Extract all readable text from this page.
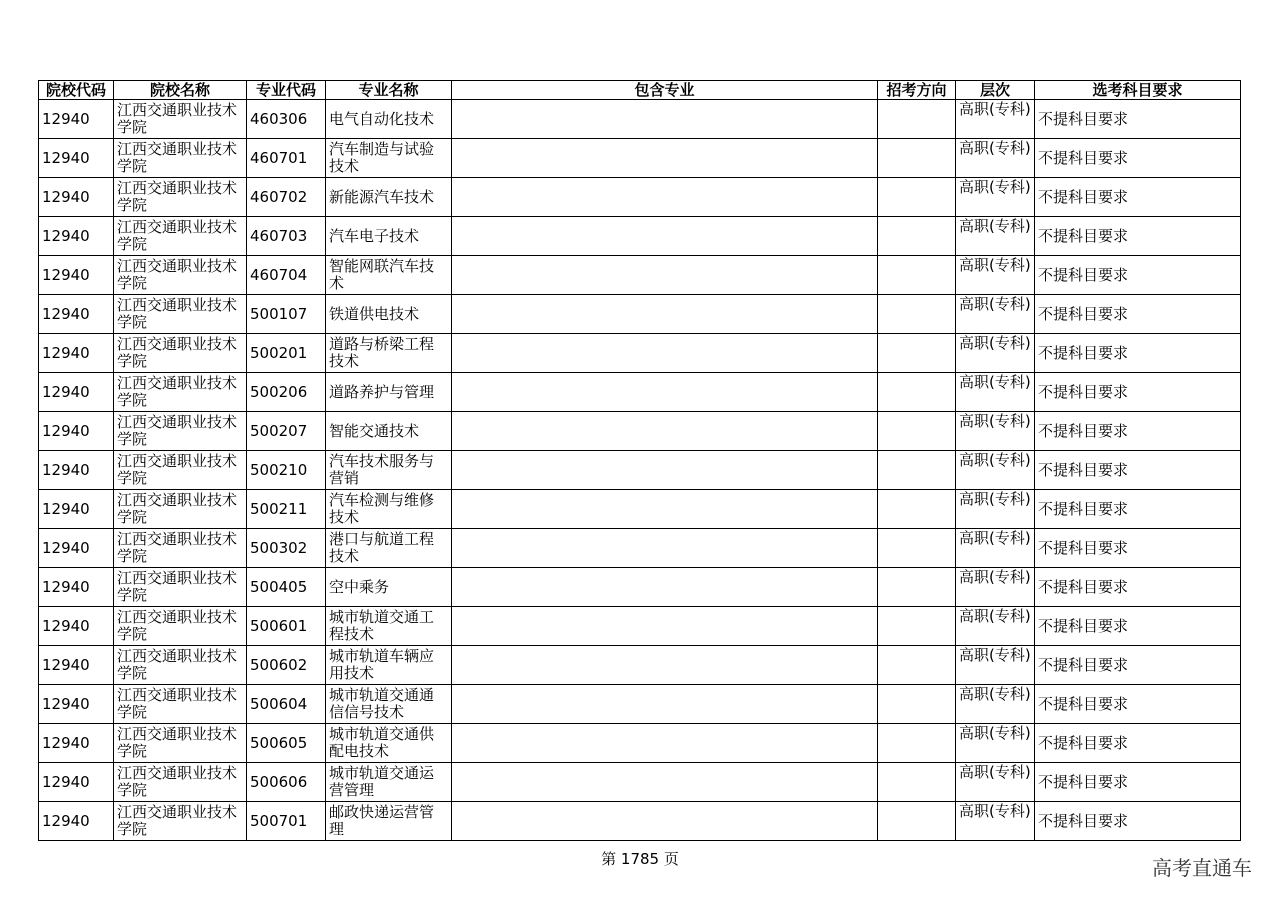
院校代码	院校名称	专业代码	专业名称	包含专业	招考方向	层次	选考科目要求
12940	江西交通职业技术学院	460306	电气自动化技术			高职(专科)	不提科目要求
12940	江西交通职业技术学院	460701	汽车制造与试验技术			高职(专科)	不提科目要求
12940	江西交通职业技术学院	460702	新能源汽车技术			高职(专科)	不提科目要求
12940	江西交通职业技术学院	460703	汽车电子技术			高职(专科)	不提科目要求
12940	江西交通职业技术学院	460704	智能网联汽车技术			高职(专科)	不提科目要求
12940	江西交通职业技术学院	500107	铁道供电技术			高职(专科)	不提科目要求
12940	江西交通职业技术学院	500201	道路与桥梁工程技术			高职(专科)	不提科目要求
12940	江西交通职业技术学院	500206	道路养护与管理			高职(专科)	不提科目要求
12940	江西交通职业技术学院	500207	智能交通技术			高职(专科)	不提科目要求
12940	江西交通职业技术学院	500210	汽车技术服务与营销			高职(专科)	不提科目要求
12940	江西交通职业技术学院	500211	汽车检测与维修技术			高职(专科)	不提科目要求
12940	江西交通职业技术学院	500302	港口与航道工程技术			高职(专科)	不提科目要求
12940	江西交通职业技术学院	500405	空中乘务			高职(专科)	不提科目要求
12940	江西交通职业技术学院	500601	城市轨道交通工程技术			高职(专科)	不提科目要求
12940	江西交通职业技术学院	500602	城市轨道车辆应用技术			高职(专科)	不提科目要求
12940	江西交通职业技术学院	500604	城市轨道交通通信信号技术			高职(专科)	不提科目要求
12940	江西交通职业技术学院	500605	城市轨道交通供配电技术			高职(专科)	不提科目要求
12940	江西交通职业技术学院	500606	城市轨道交通运营管理			高职(专科)	不提科目要求
12940	江西交通职业技术学院	500701	邮政快递运营管理			高职(专科)	不提科目要求
第 1785 页	高考直通车
